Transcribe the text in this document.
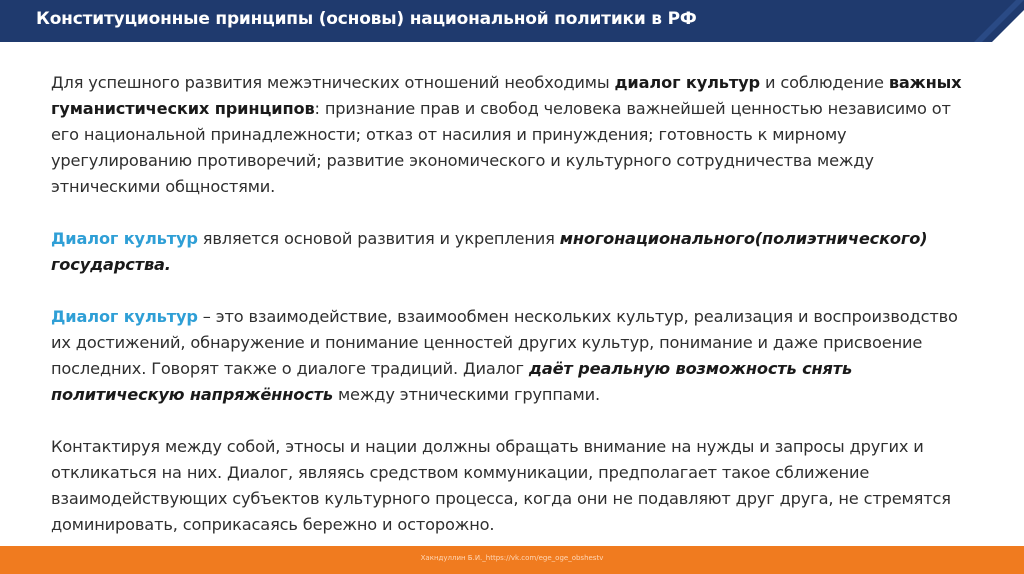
Конституционные принципы (основы) национальной политики в РФ

Для успешного развития межэтнических отношений необходимы диалог культур и соблюдение важных гуманистических принципов: признание прав и свобод человека важнейшей ценностью независимо от его национальной принадлежности; отказ от насилия и принуждения; готовность к мирному урегулированию противоречий; развитие экономического и культурного сотрудничества между этническими общностями.

Диалог культур является основой развития и укрепления многонационального(полиэтнического) государства.

Диалог культур – это взаимодействие, взаимообмен нескольких культур, реализация и воспроизводство их достижений, обнаружение и понимание ценностей других культур, понимание и даже присвоение последних. Говорят также о диалоге традиций. Диалог даёт реальную возможность снять политическую напряжённость между этническими группами.

Контактируя между собой, этносы и нации должны обращать внимание на нужды и запросы других и откликаться на них. Диалог, являясь средством коммуникации, предполагает такое сближение взаимодействующих субъектов культурного процесса, когда они не подавляют друг друга, не стремятся доминировать, соприкасаясь бережно и осторожно.

Хакндуллин Б.И._https://vk.com/ege_oge_obshestv
